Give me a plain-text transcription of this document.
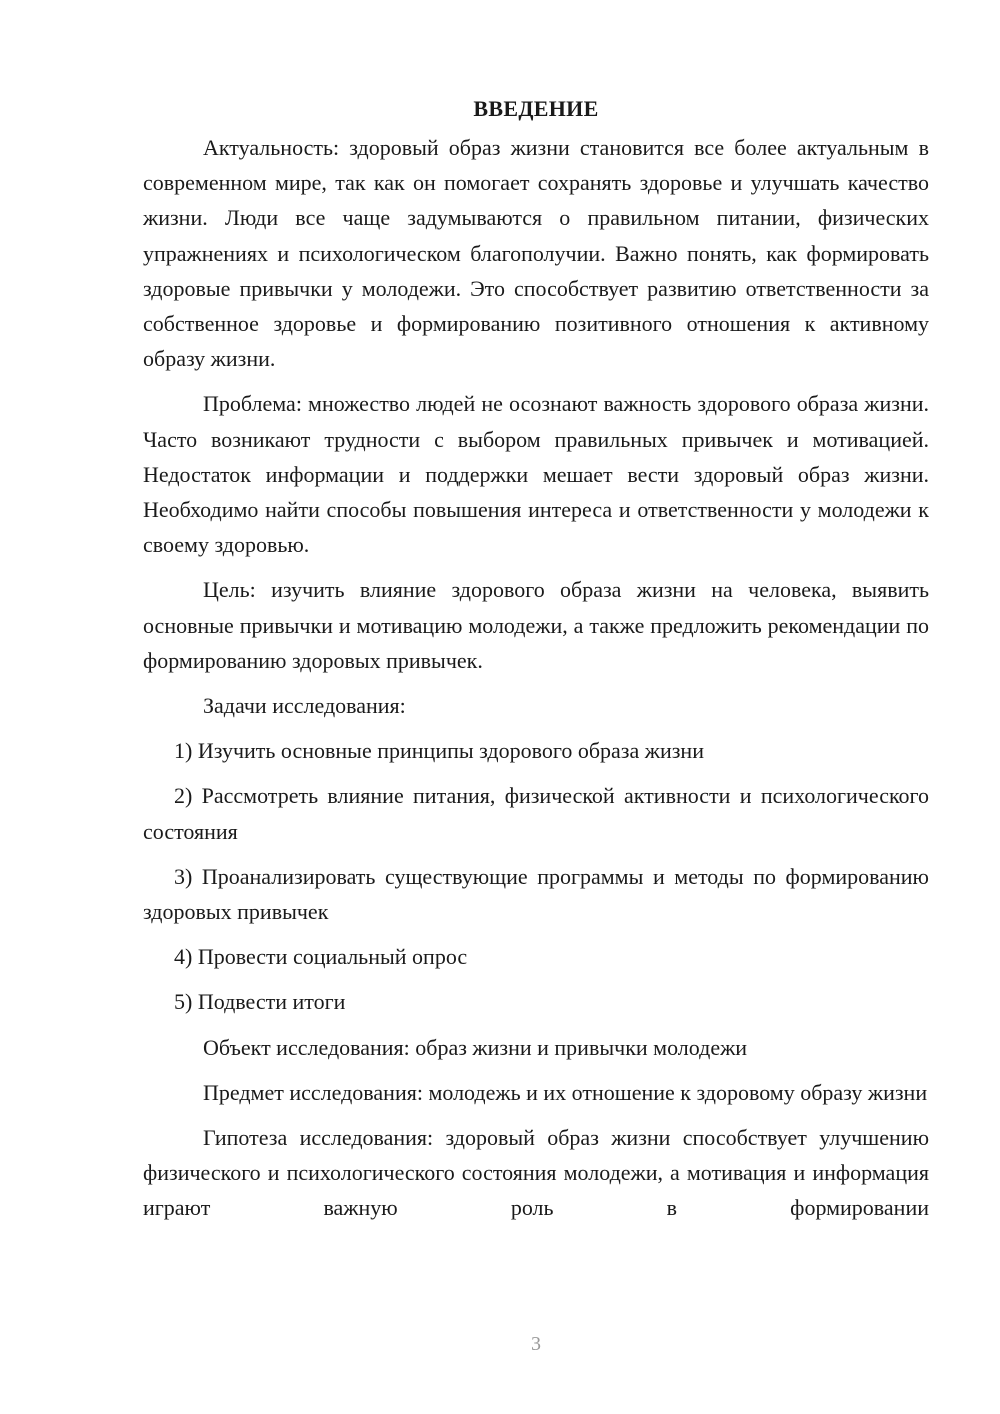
ВВЕДЕНИЕ

Актуальность: здоровый образ жизни становится все более актуальным в современном мире, так как он помогает сохранять здоровье и улучшать качество жизни. Люди все чаще задумываются о правильном питании, физических упражнениях и психологическом благополучии. Важно понять, как формировать здоровые привычки у молодежи. Это способствует развитию ответственности за собственное здоровье и формированию позитивного отношения к активному образу жизни.

Проблема: множество людей не осознают важность здорового образа жизни. Часто возникают трудности с выбором правильных привычек и мотивацией. Недостаток информации и поддержки мешает вести здоровый образ жизни. Необходимо найти способы повышения интереса и ответственности у молодежи к своему здоровью.

Цель: изучить влияние здорового образа жизни на человека, выявить основные привычки и мотивацию молодежи, а также предложить рекомендации по формированию здоровых привычек.

Задачи исследования:

1) Изучить основные принципы здорового образа жизни

2) Рассмотреть влияние питания, физической активности и психологического состояния

3) Проанализировать существующие программы и методы по формированию здоровых привычек

4) Провести социальный опрос

5) Подвести итоги

Объект исследования: образ жизни и привычки молодежи

Предмет исследования: молодежь и их отношение к здоровому образу жизни

Гипотеза исследования: здоровый образ жизни способствует улучшению физического и психологического состояния молодежи, а мотивация и информация играют важную роль в формировании

3
